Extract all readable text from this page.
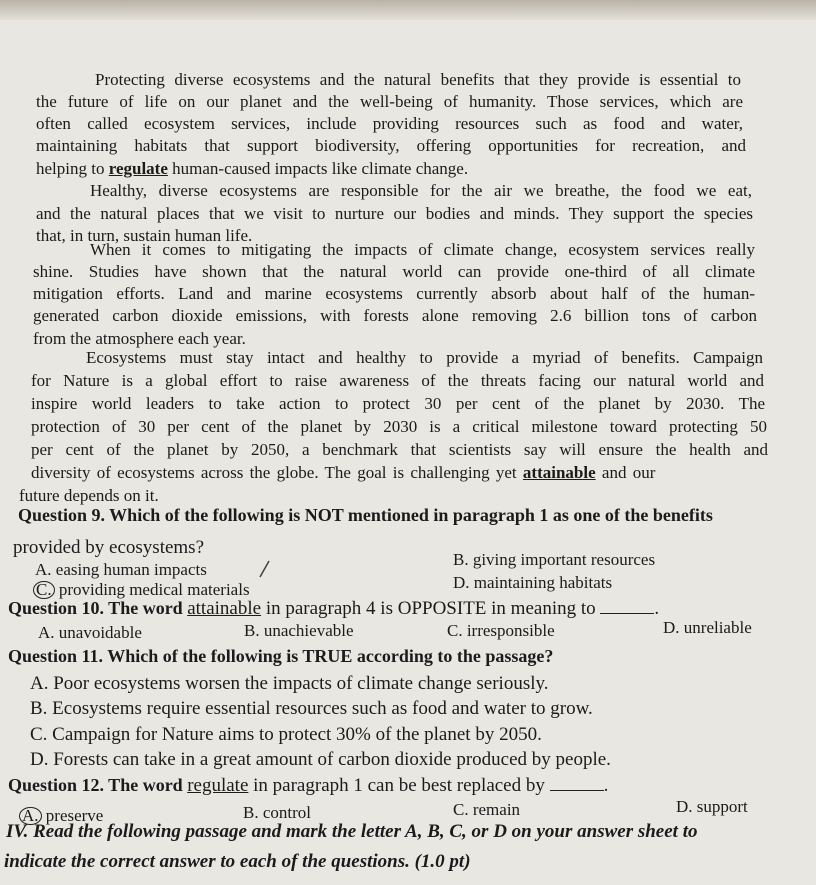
Protecting diverse ecosystems and the natural benefits that they provide is essential to
the future of life on our planet and the well-being of humanity. Those services, which are
often called ecosystem services, include providing resources such as food and water,
maintaining habitats that support biodiversity, offering opportunities for recreation, and
helping to regulate human-caused impacts like climate change.
Healthy, diverse ecosystems are responsible for the air we breathe, the food we eat,
and the natural places that we visit to nurture our bodies and minds. They support the species
that, in turn, sustain human life.
When it comes to mitigating the impacts of climate change, ecosystem services really
shine. Studies have shown that the natural world can provide one-third of all climate
mitigation efforts. Land and marine ecosystems currently absorb about half of the human-
generated carbon dioxide emissions, with forests alone removing 2.6 billion tons of carbon
from the atmosphere each year.
Ecosystems must stay intact and healthy to provide a myriad of benefits. Campaign
for Nature is a global effort to raise awareness of the threats facing our natural world and
inspire world leaders to take action to protect 30 per cent of the planet by 2030. The
protection of 30 per cent of the planet by 2030 is a critical milestone toward protecting 50
per cent of the planet by 2050, a benchmark that scientists say will ensure the health and
diversity of ecosystems across the globe. The goal is challenging yet attainable and our
future depends on it.
Question 9. Which of the following is NOT mentioned in paragraph 1 as one of the benefits
provided by ecosystems?
A. easing human impacts
B. giving important resources
C. providing medical materials	D. maintaining habitats
Question 10. The word attainable in paragraph 4 is OPPOSITE in meaning to	.
A. unavoidable	B. unachievable	C. irresponsible	D. unreliable
Question 11. Which of the following is TRUE according to the passage?
A. Poor ecosystems worsen the impacts of climate change seriously.
B. Ecosystems require essential resources such as food and water to grow.
C. Campaign for Nature aims to protect 30% of the planet by 2050.
D. Forests can take in a great amount of carbon dioxide produced by people.
Question 12. The word regulate in paragraph 1 can be best replaced by	.
A. preserve	B. control	C. remain	D. support
IV. Read the following passage and mark the letter A, B, C, or D on your answer sheet to
indicate the correct answer to each of the questions. (1.0 pt)
